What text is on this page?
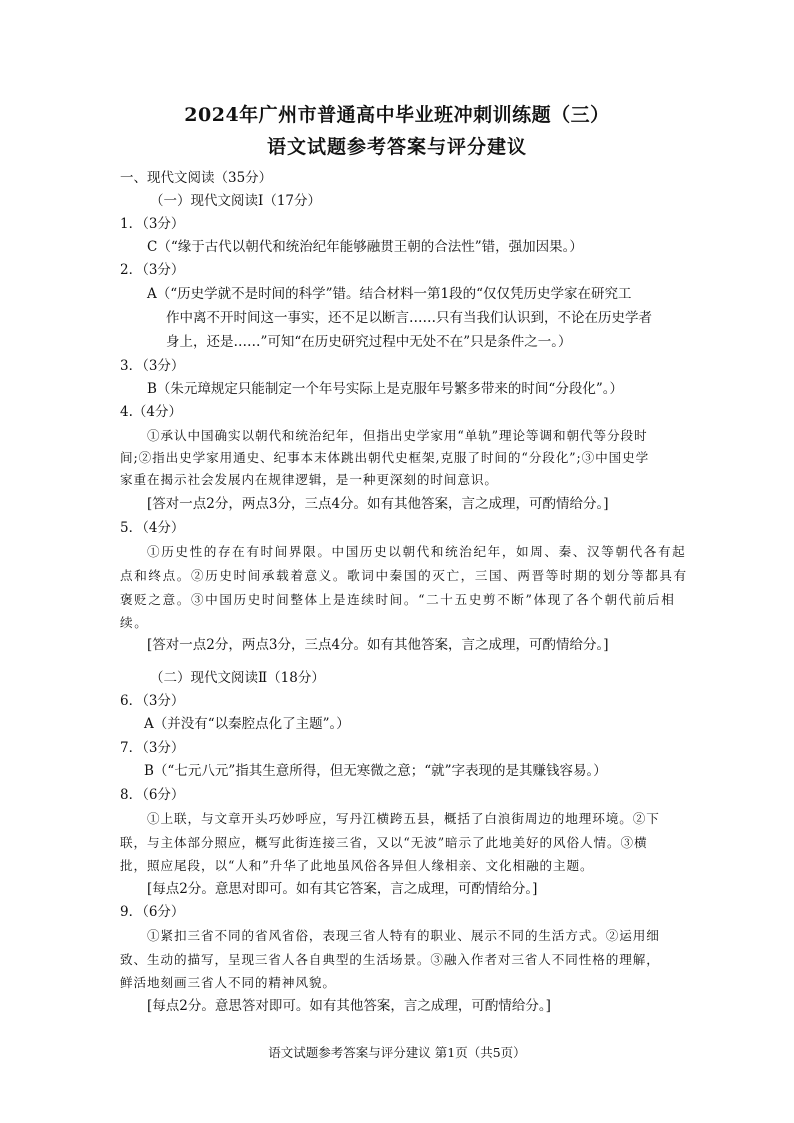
2024年广州市普通高中毕业班冲刺训练题（三）
语文试题参考答案与评分建议
一、现代文阅读（35分）
（一）现代文阅读Ⅰ（17分）
1．（3分）
C（“缘于古代以朝代和统治纪年能够融贯王朝的合法性”错，强加因果。）
2．（3分）
A（“历史学就不是时间的科学”错。结合材料一第1段的“仅仅凭历史学家在研究工
作中离不开时间这一事实，还不足以断言……只有当我们认识到，不论在历史学者
身上，还是……”可知“在历史研究过程中无处不在”只是条件之一。）
3．（3分）
B（朱元璋规定只能制定一个年号实际上是克服年号繁多带来的时间“分段化”。）
4.（4分）
①承认中国确实以朝代和统治纪年，但指出史学家用“单轨”理论等调和朝代等分段时
间;②指出史学家用通史、纪事本末体跳出朝代史框架,克服了时间的“分段化”;③中国史学
家重在揭示社会发展内在规律逻辑，是一种更深刻的时间意识。
[答对一点2分，两点3分，三点4分。如有其他答案，言之成理，可酌情给分。]
5．（4分）
①历史性的存在有时间界限。中国历史以朝代和统治纪年，如周、秦、汉等朝代各有起
点和终点。②历史时间承载着意义。歌词中秦国的灭亡，三国、两晋等时期的划分等都具有
褒贬之意。③中国历史时间整体上是连续时间。“二十五史剪不断”体现了各个朝代前后相
续。
[答对一点2分，两点3分，三点4分。如有其他答案，言之成理，可酌情给分。]
（二）现代文阅读Ⅱ（18分）
6．（3分）
A（并没有“以秦腔点化了主题”。）
7．（3分）
B（“七元八元”指其生意所得，但无寒微之意；“就”字表现的是其赚钱容易。）
8．（6分）
①上联，与文章开头巧妙呼应，写丹江横跨五县，概括了白浪街周边的地理环境。②下
联，与主体部分照应，概写此街连接三省，又以“无波”暗示了此地美好的风俗人情。③横
批，照应尾段，以“人和”升华了此地虽风俗各异但人缘相亲、文化相融的主题。
[每点2分。意思对即可。如有其它答案，言之成理，可酌情给分。]
9．（6分）
①紧扣三省不同的省风省俗，表现三省人特有的职业、展示不同的生活方式。②运用细
致、生动的描写，呈现三省人各自典型的生活场景。③融入作者对三省人不同性格的理解，
鲜活地刻画三省人不同的精神风貌。
[每点2分。意思答对即可。如有其他答案，言之成理，可酌情给分。]
语文试题参考答案与评分建议 第1页（共5页）
